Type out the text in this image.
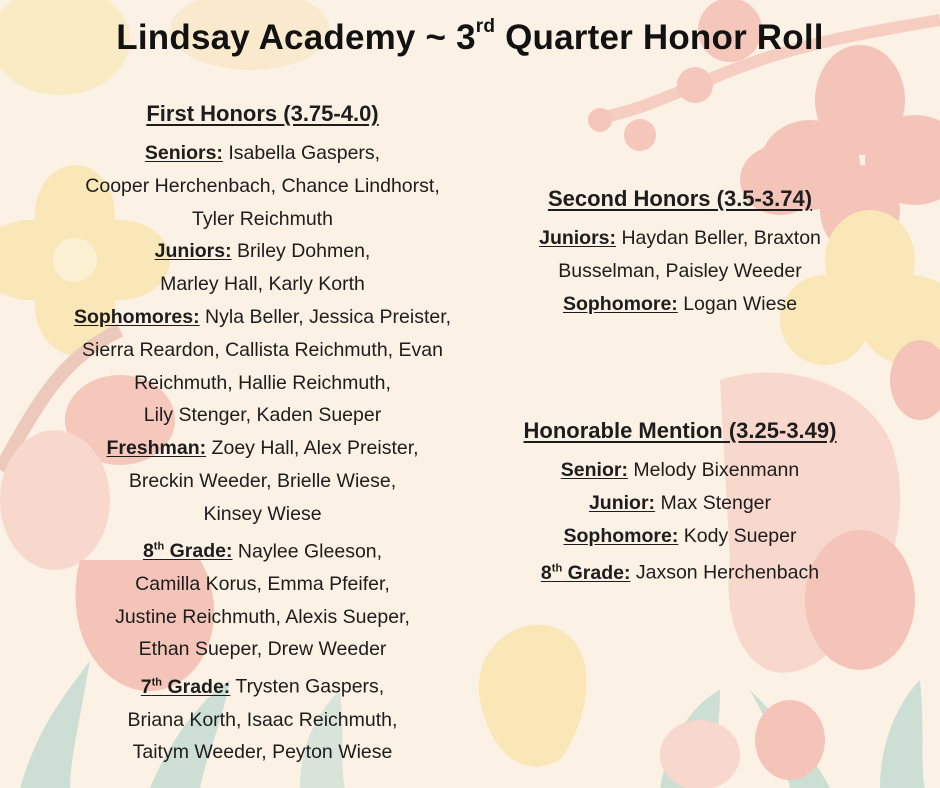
Lindsay Academy ~ 3rd Quarter Honor Roll
First Honors (3.75-4.0)
Seniors: Isabella Gaspers,
Cooper Herchenbach, Chance Lindhorst,
Tyler Reichmuth
Juniors: Briley Dohmen,
Marley Hall, Karly Korth
Sophomores: Nyla Beller, Jessica Preister,
Sierra Reardon, Callista Reichmuth, Evan
Reichmuth, Hallie Reichmuth,
Lily Stenger, Kaden Sueper
Freshman: Zoey Hall, Alex Preister,
Breckin Weeder, Brielle Wiese,
Kinsey Wiese
8th Grade: Naylee Gleeson,
Camilla Korus, Emma Pfeifer,
Justine Reichmuth, Alexis Sueper,
Ethan Sueper, Drew Weeder
7th Grade: Trysten Gaspers,
Briana Korth, Isaac Reichmuth,
Taitym Weeder, Peyton Wiese
Second Honors (3.5-3.74)
Juniors: Haydan Beller, Braxton
Busselman, Paisley Weeder
Sophomore: Logan Wiese
Honorable Mention (3.25-3.49)
Senior: Melody Bixenmann
Junior: Max Stenger
Sophomore: Kody Sueper
8th Grade: Jaxson Herchenbach
